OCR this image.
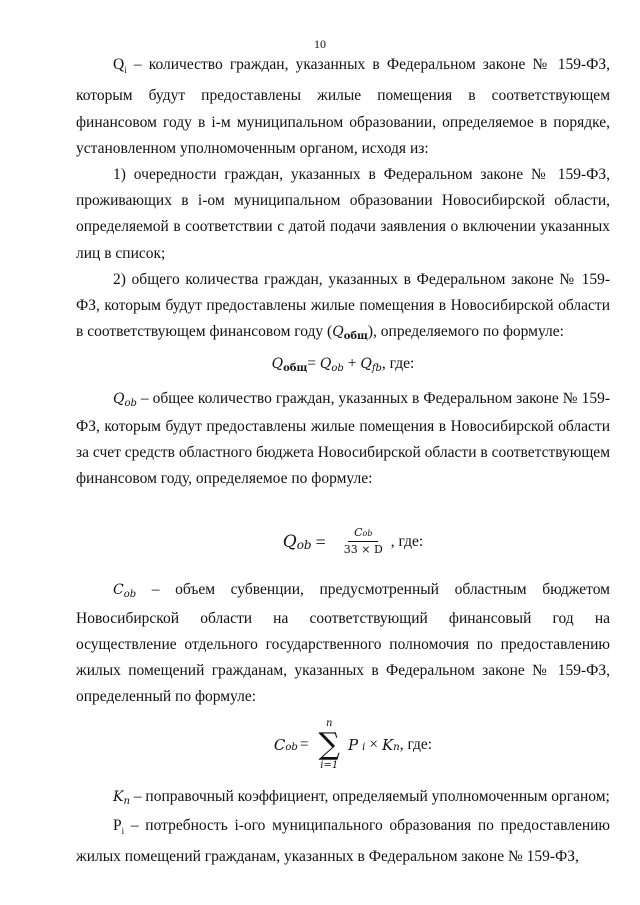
10

$Q_i$ – количество граждан, указанных в Федеральном законе № 159-ФЗ, которым будут предоставлены жилые помещения в соответствующем финансовом году в i-м муниципальном образовании, определяемое в порядке, установленном уполномоченным органом, исходя из:

1) очередности граждан, указанных в Федеральном законе № 159-ФЗ, проживающих в i-ом муниципальном образовании Новосибирской области, определяемой в соответствии с датой подачи заявления о включении указанных лиц в список;

2) общего количества граждан, указанных в Федеральном законе № 159-ФЗ, которым будут предоставлены жилые помещения в Новосибирской области в соответствующем финансовом году (Qобщ), определяемого по формуле:

Qобщ= Qob + Qfb, где:

Qob – общее количество граждан, указанных в Федеральном законе № 159-ФЗ, которым будут предоставлены жилые помещения в Новосибирской области за счет средств областного бюджета Новосибирской области в соответствующем финансовом году, определяемое по формуле:

Q ob = $\frac{\text{Cob}}{33 \times D}$ , где:

Cob – объем субвенции, предусмотренный областным бюджетом Новосибирской области на соответствующий финансовый год на осуществление отдельного государственного полномочия по предоставлению жилых помещений гражданам, указанных в Федеральном законе № 159-ФЗ, определенный по формуле:

C ob =
n
∑
i=1
P i × K n , где:

Kn – поправочный коэффициент, определяемый уполномоченным органом;

$P_i$ – потребность i-ого муниципального образования по предоставлению жилых помещений гражданам, указанных в Федеральном законе № 159-ФЗ,
